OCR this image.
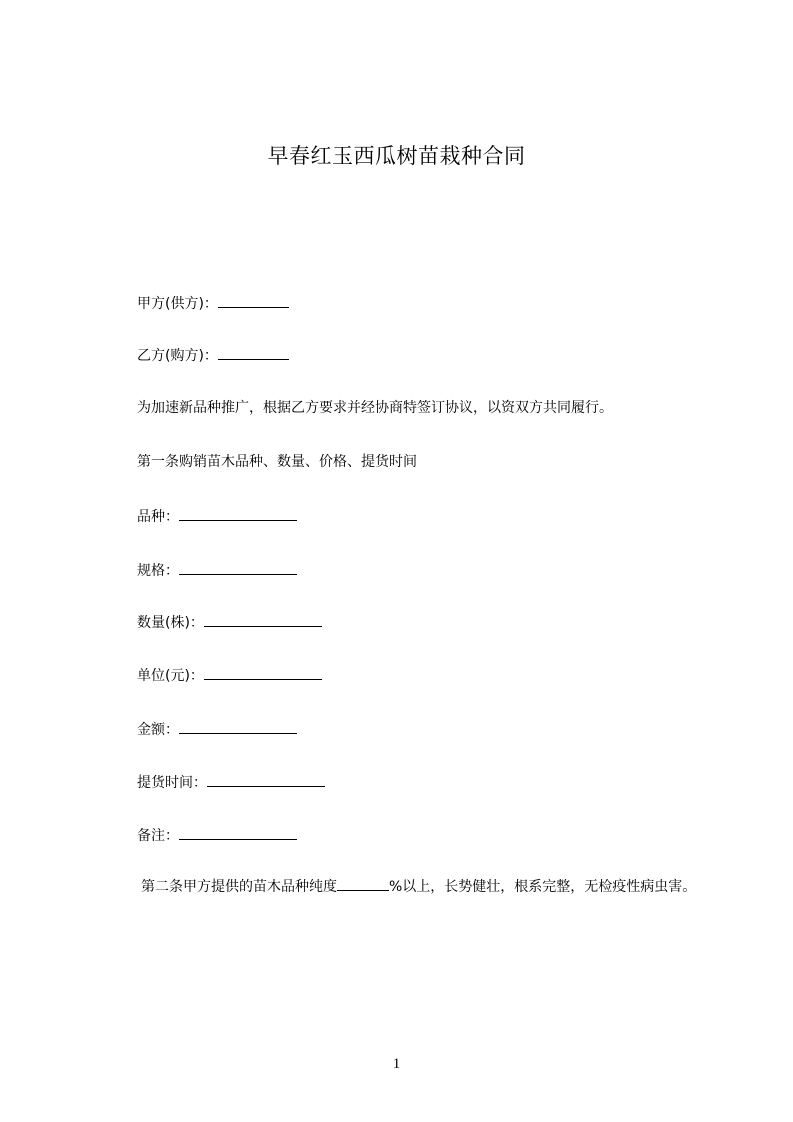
早春红玉西瓜树苗栽种合同
甲方(供方)：
乙方(购方)：
为加速新品种推广，根据乙方要求并经协商特签订协议，以资双方共同履行。
第一条购销苗木品种、数量、价格、提货时间
品种：
规格：
数量(株)：
单位(元)：
金额：
提货时间：
备注：
第二条甲方提供的苗木品种纯度	%以上，长势健壮，根系完整，无检疫性病虫害。
1
